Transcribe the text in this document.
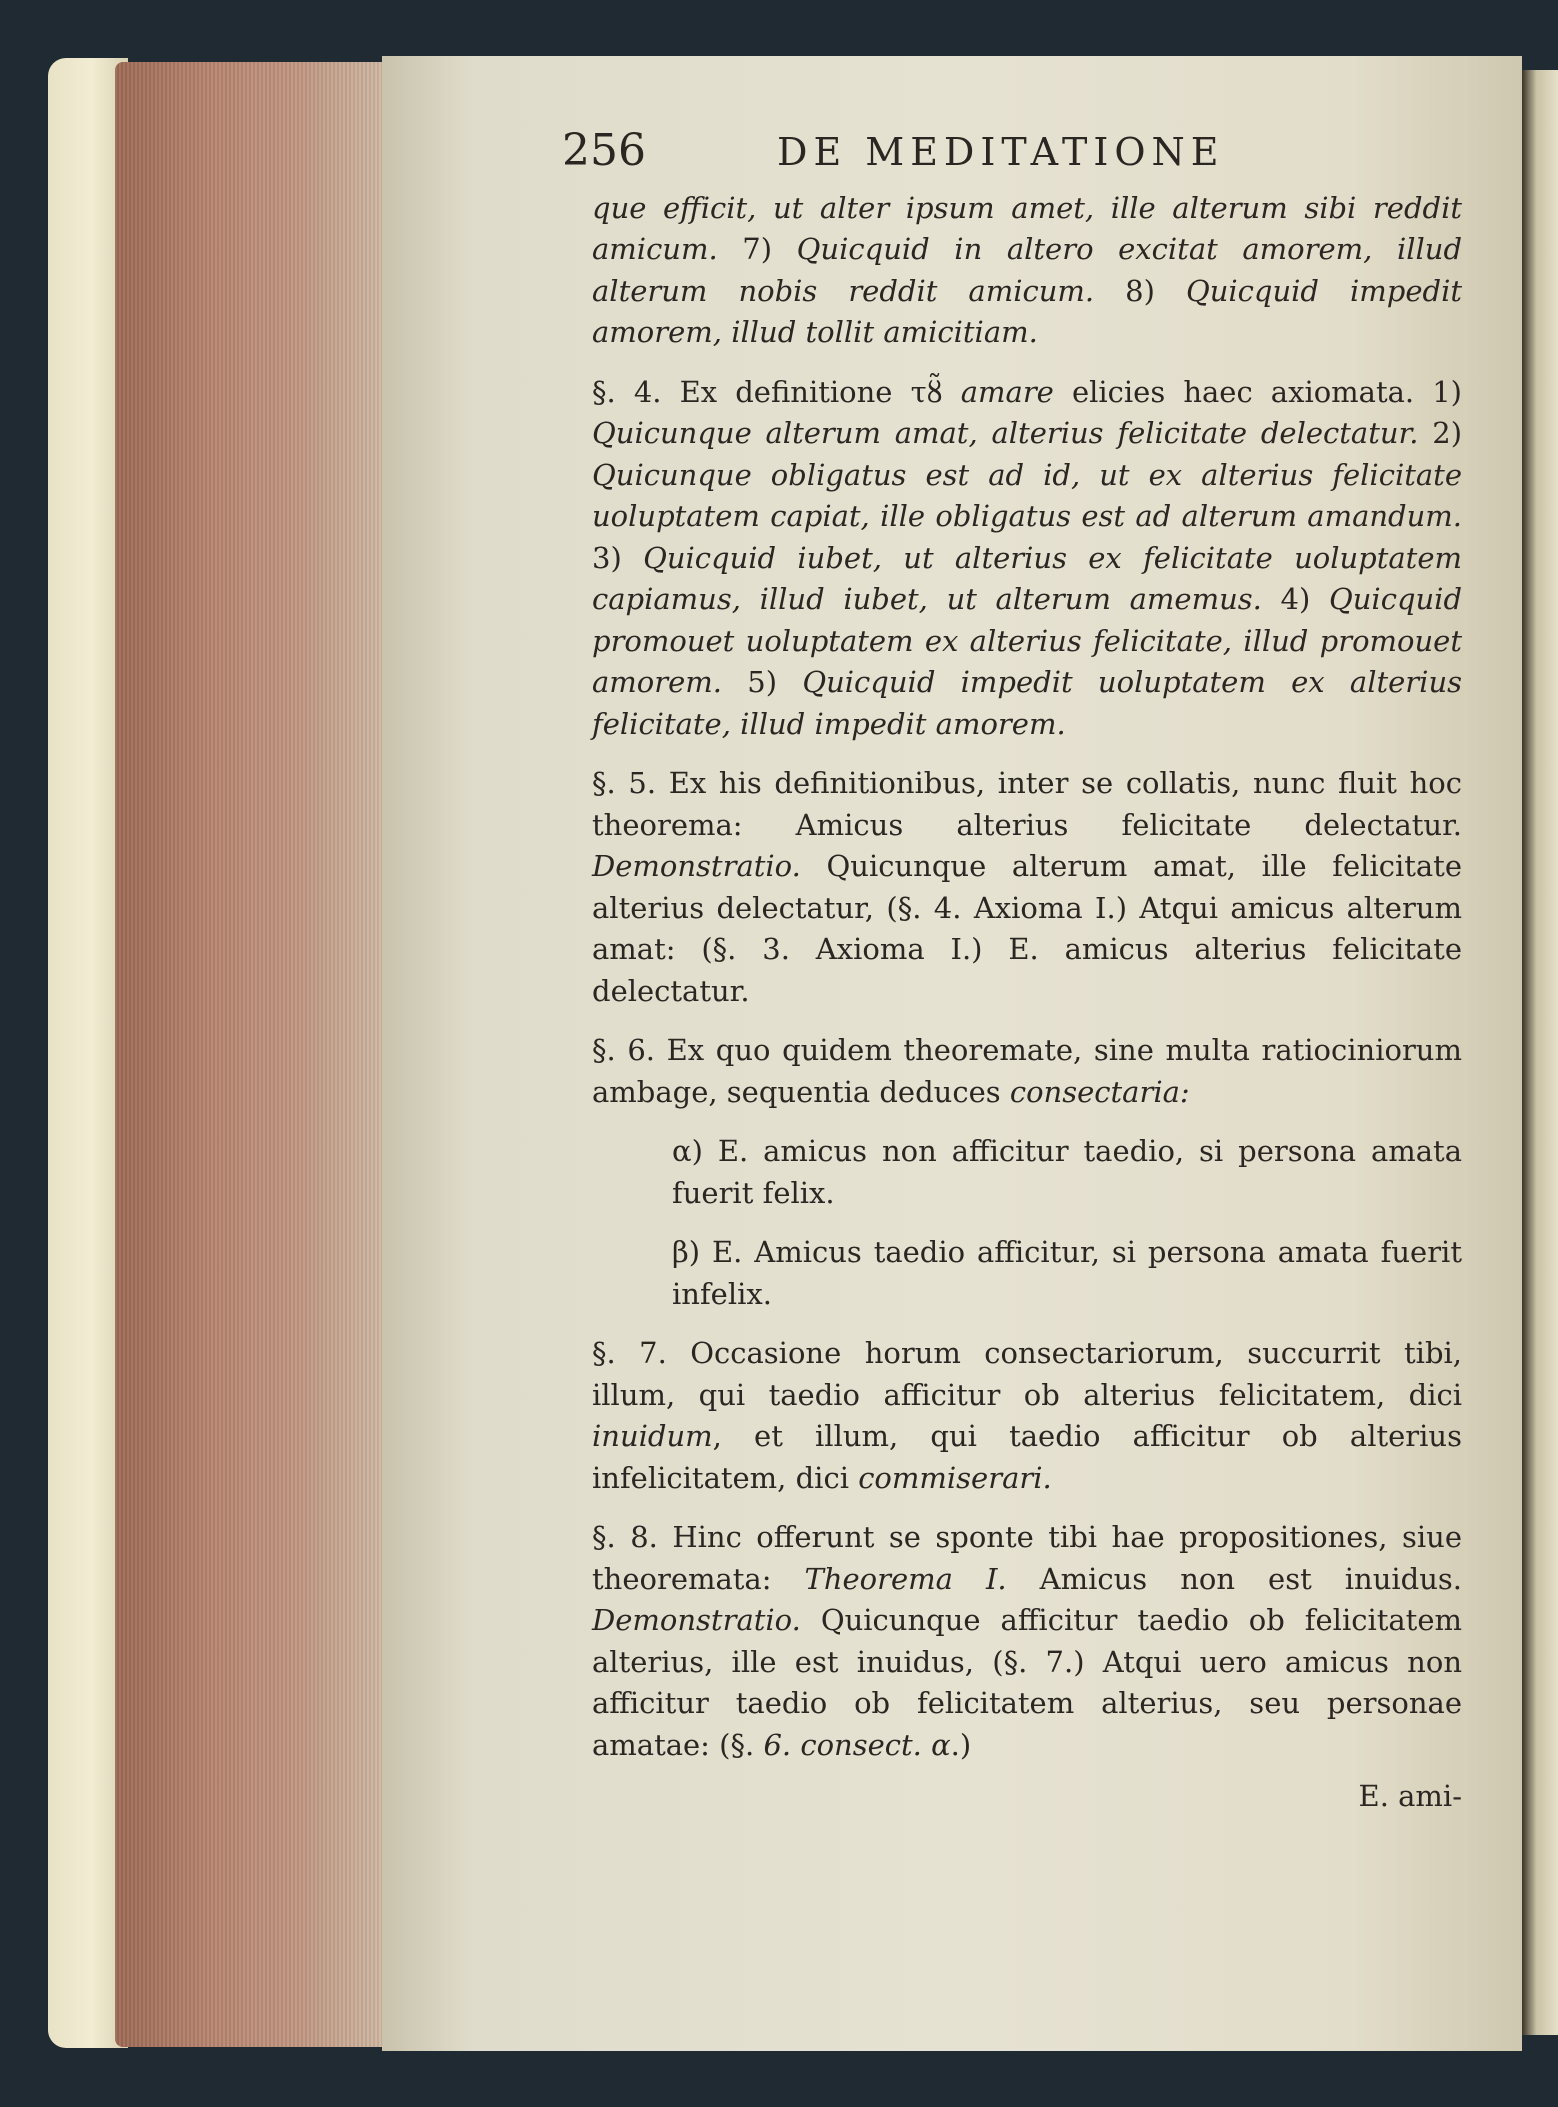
256	DE MEDITATIONE

que efficit, ut alter ipsum amet, ille alterum sibi reddit amicum. 7) Quicquid in altero excitat amorem, illud alterum nobis reddit amicum. 8) Quicquid impedit amorem, illud tollit amicitiam.

§. 4. Ex definitione τȣ̃ amare elicies haec axiomata. 1) Quicunque alterum amat, alterius felicitate delectatur. 2) Quicunque obligatus est ad id, ut ex alterius felicitate uoluptatem capiat, ille obligatus est ad alterum amandum. 3) Quicquid iubet, ut alterius ex felicitate uoluptatem capiamus, illud iubet, ut alterum amemus. 4) Quicquid promouet uoluptatem ex alterius felicitate, illud promouet amorem. 5) Quicquid impedit uoluptatem ex alterius felicitate, illud impedit amorem.

§. 5. Ex his definitionibus, inter se collatis, nunc fluit hoc theorema: Amicus alterius felicitate delectatur. Demonstratio. Quicunque alterum amat, ille felicitate alterius delectatur, (§. 4. Axioma I.) Atqui amicus alterum amat: (§. 3. Axioma I.) E. amicus alterius felicitate delectatur.

§. 6. Ex quo quidem theoremate, sine multa ratiociniorum ambage, sequentia deduces consectaria:

α) E. amicus non afficitur taedio, si persona amata fuerit felix.

β) E. Amicus taedio afficitur, si persona amata fuerit infelix.

§. 7. Occasione horum consectariorum, succurrit tibi, illum, qui taedio afficitur ob alterius felicitatem, dici inuidum, et illum, qui taedio afficitur ob alterius infelicitatem, dici commiserari.

§. 8. Hinc offerunt se sponte tibi hae propositiones, siue theoremata: Theorema I. Amicus non est inuidus. Demonstratio. Quicunque afficitur taedio ob felicitatem alterius, ille est inuidus, (§. 7.) Atqui uero amicus non afficitur taedio ob felicitatem alterius, seu personae amatae: (§. 6. consect. α.)

E. ami-
